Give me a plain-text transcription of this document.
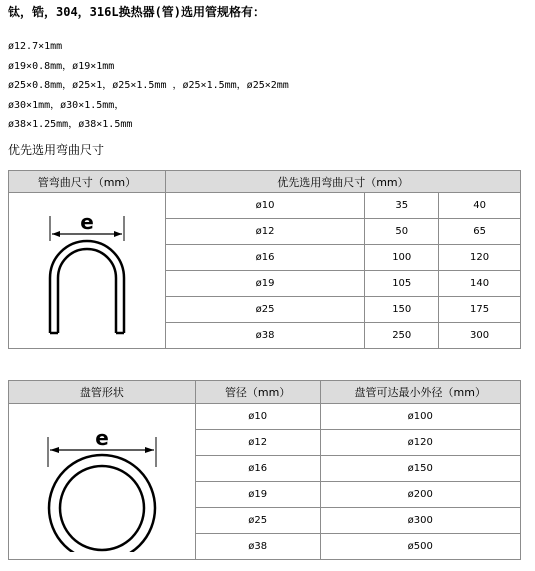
钛，锆，304，316L换热器(管)选用管规格有：
ø12.7×1mm
ø19×0.8mm，ø19×1mm
ø25×0.8mm，ø25×1，ø25×1.5mm ，ø25×1.5mm，ø25×2mm
ø30×1mm，ø30×1.5mm，
ø38×1.25mm，ø38×1.5mm
优先选用弯曲尺寸
管弯曲尺寸（mm）	优先选用弯曲尺寸（mm）		

e	ø10	35	40
	ø12	50	65
	ø16	100	120
	ø19	105	140
	ø25	150	175
	ø38	250	300
盘管形状	管径（mm）	盘管可达最小外径（mm）

e	ø10	ø100
	ø12	ø120
	ø16	ø150
	ø19	ø200
	ø25	ø300
	ø38	ø500
